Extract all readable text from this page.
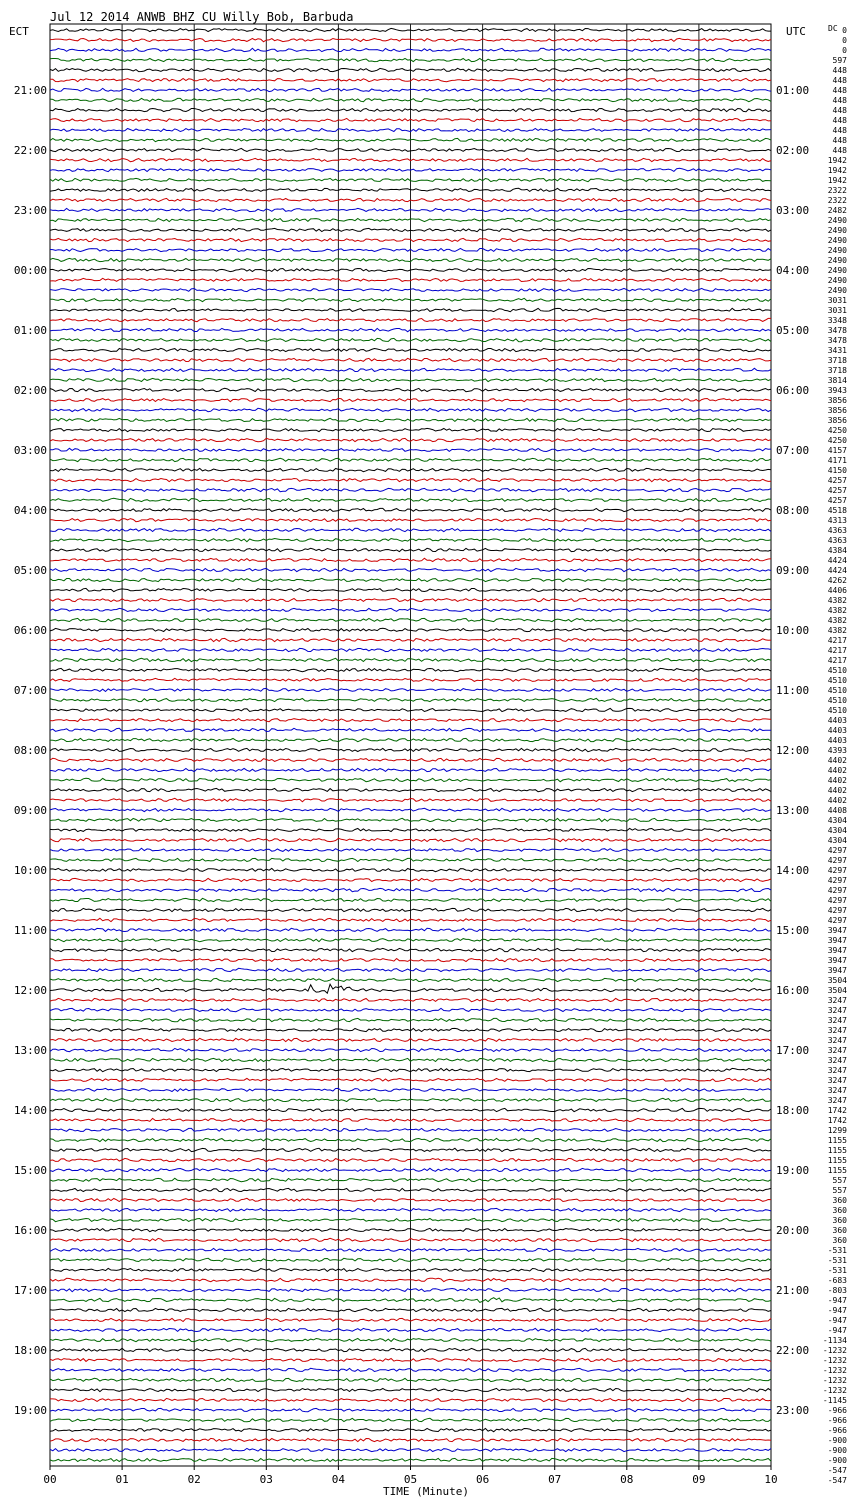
Jul 12 2014 ANWB BHZ CU Willy Bob, Barbuda
ECT	UTC	DC
21:00
22:00
23:00
00:00
01:00
02:00
03:00
04:00
05:00
06:00
07:00
08:00
09:00
10:00
11:00
12:00
13:00
14:00
15:00
16:00
17:00
18:00
19:00
01:00
02:00
03:00
04:00
05:00
06:00
07:00
08:00
09:00
10:00
11:00
12:00
13:00
14:00
15:00
16:00
17:00
18:00
19:00
20:00
21:00
22:00
23:00
0
0
0
597
448
448
448
448
448
448
448
448
448
1942
1942
1942
2322
2322
2482
2490
2490
2490
2490
2490
2490
2490
2490
3031
3031
3348
3478
3478
3431
3718
3718
3814
3943
3856
3856
3856
4250
4250
4157
4171
4150
4257
4257
4257
4518
4313
4363
4363
4384
4424
4424
4262
4406
4382
4382
4382
4382
4217
4217
4217
4510
4510
4510
4510
4510
4403
4403
4403
4393
4402
4402
4402
4402
4402
4408
4304
4304
4304
4297
4297
4297
4297
4297
4297
4297
4297
3947
3947
3947
3947
3947
3504
3504
3247
3247
3247
3247
3247
3247
3247
3247
3247
3247
3247
1742
1742
1299
1155
1155
1155
1155
557
557
360
360
360
360
360
-531
-531
-531
-683
-803
-947
-947
-947
-947
-1134
-1232
-1232
-1232
-1232
-1232
-1145
-966
-966
-966
-900
-900
-900
-547
-547
00	01	02	03	04	05	06	07	08	09	10
TIME (Minute)
